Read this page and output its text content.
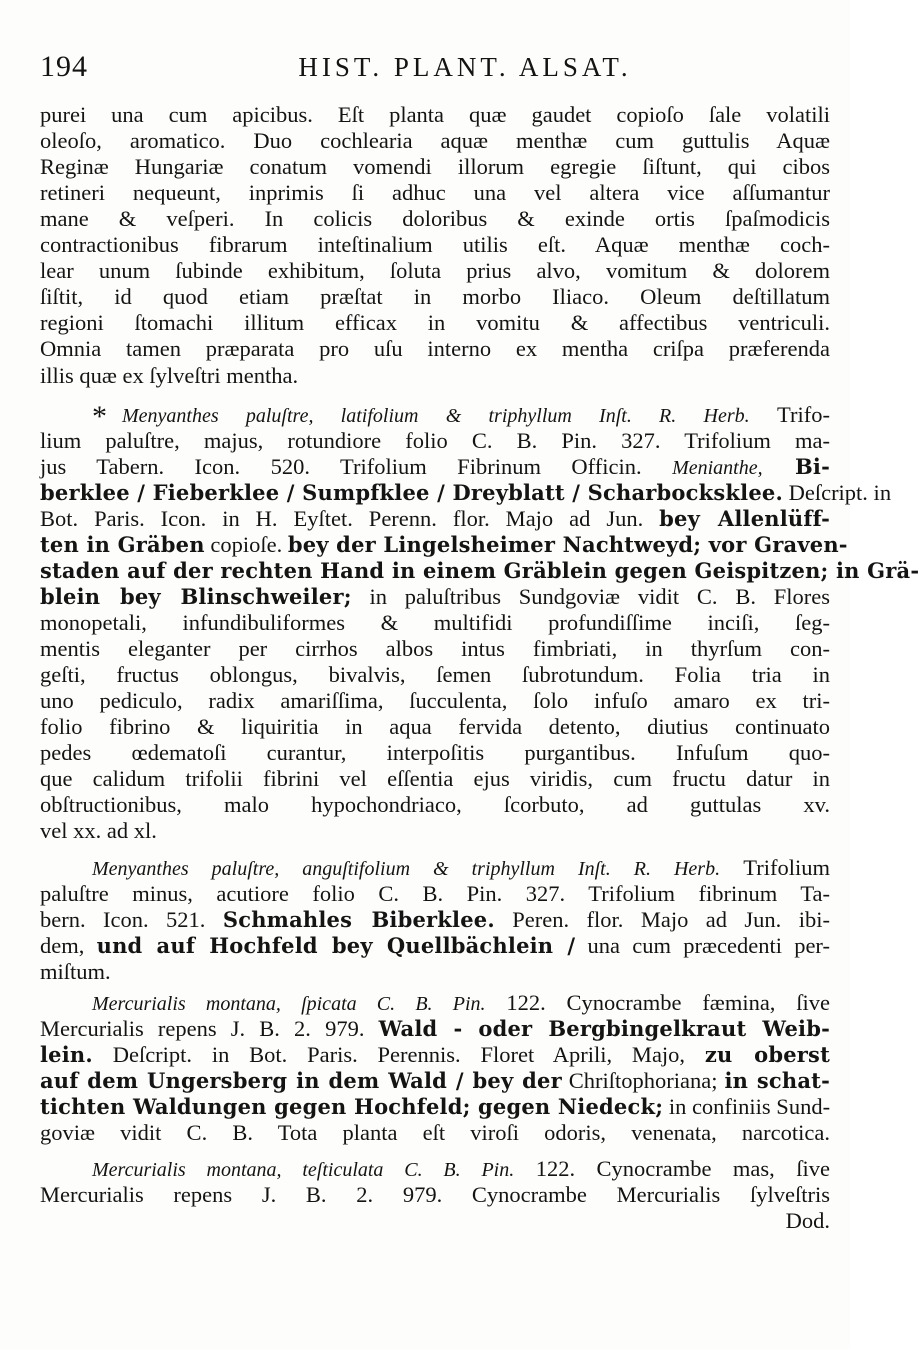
194	HIST. PLANT. ALSAT.
purei una cum apicibus. Eſt planta quæ gaudet copioſo ſale volatili
oleoſo, aromatico. Duo cochlearia aquæ menthæ cum guttulis Aquæ
Reginæ Hungariæ conatum vomendi illorum egregie ſiſtunt, qui cibos
retineri nequeunt, inprimis ſi adhuc una vel altera vice aſſumantur
mane & veſperi. In colicis doloribus & exinde ortis ſpaſmodicis
contractionibus fibrarum inteſtinalium utilis eſt. Aquæ menthæ coch-
lear unum ſubinde exhibitum, ſoluta prius alvo, vomitum & dolorem
ſiſtit, id quod etiam præſtat in morbo Iliaco. Oleum deſtillatum
regioni ſtomachi illitum efficax in vomitu & affectibus ventriculi.
Omnia tamen præparata pro uſu interno ex mentha criſpa præferenda
illis quæ ex ſylveſtri mentha.
Menyanthes paluſtre, latifolium & triphyllum Inſt. R. Herb. Trifo-
*
lium paluſtre, majus, rotundiore folio C. B. Pin. 327. Trifolium ma-
jus Tabern. Icon. 520. Trifolium Fibrinum Officin. Menianthe, Bi-
berklee / Fieberklee / Sumpfklee / Dreyblatt / Scharbocksklee. Deſcript. in
Bot. Paris. Icon. in H. Eyſtet. Perenn. flor. Majo ad Jun. bey Allenlüff-
ten in Gräben copioſe. bey der Lingelsheimer Nachtweyd; vor Graven-
staden auf der rechten Hand in einem Gräblein gegen Geispitzen; in Grä-
blein bey Blinschweiler; in paluſtribus Sundgoviæ vidit C. B. Flores
monopetali, infundibuliformes & multifidi profundiſſime inciſi, ſeg-
mentis eleganter per cirrhos albos intus fimbriati, in thyrſum con-
geſti, fructus oblongus, bivalvis, ſemen ſubrotundum. Folia tria in
uno pediculo, radix amariſſima, ſucculenta, ſolo infuſo amaro ex tri-
folio fibrino & liquiritia in aqua fervida detento, diutius continuato
pedes œdematoſi curantur, interpoſitis purgantibus. Infuſum quo-
que calidum trifolii fibrini vel eſſentia ejus viridis, cum fructu datur in
obſtructionibus, malo hypochondriaco, ſcorbuto, ad guttulas xv.
vel xx. ad xl.
Menyanthes paluſtre, anguſtifolium & triphyllum Inſt. R. Herb. Trifolium
paluſtre minus, acutiore folio C. B. Pin. 327. Trifolium fibrinum Ta-
bern. Icon. 521. Schmahles Biberklee. Peren. flor. Majo ad Jun. ibi-
dem, und auf Hochfeld bey Quellbächlein / una cum præcedenti per-
miſtum.
Mercurialis montana, ſpicata C. B. Pin. 122. Cynocrambe fæmina, ſive
Mercurialis repens J. B. 2. 979. Wald - oder Bergbingelkraut Weib-
lein. Deſcript. in Bot. Paris. Perennis. Floret Aprili, Majo, zu oberst
auf dem Ungersberg in dem Wald / bey der Chriſtophoriana; in schat-
tichten Waldungen gegen Hochfeld; gegen Niedeck; in confiniis Sund-
goviæ vidit C. B. Tota planta eſt viroſi odoris, venenata, narcotica.
Mercurialis montana, teſticulata C. B. Pin. 122. Cynocrambe mas, ſive
Mercurialis repens J. B. 2. 979. Cynocrambe Mercurialis ſylveſtris
Dod.
